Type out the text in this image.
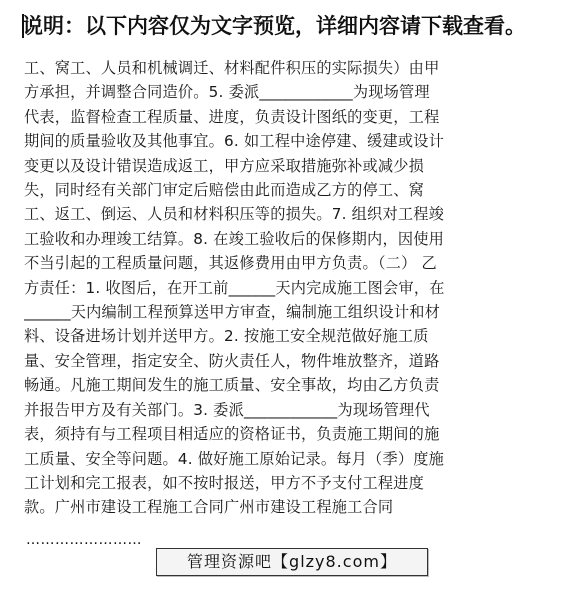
说明：以下内容仅为文字预览，详细内容请下载查看。
工、窝工、人员和机械调迁、材料配件积压的实际损失）由甲
方承担，并调整合同造价。5. 委派____________为现场管理
代表，监督检查工程质量、进度，负责设计图纸的变更，工程
期间的质量验收及其他事宜。6. 如工程中途停建、缓建或设计
变更以及设计错误造成返工，甲方应采取措施弥补或减少损
失，同时经有关部门审定后赔偿由此而造成乙方的停工、窝
工、返工、倒运、人员和材料积压等的损失。7. 组织对工程竣
工验收和办理竣工结算。8. 在竣工验收后的保修期内，因使用
不当引起的工程质量问题，其返修费用由甲方负责。（二） 乙
方责任：1. 收图后，在开工前______天内完成施工图会审，在
______天内编制工程预算送甲方审查，编制施工组织设计和材
料、设备进场计划并送甲方。2. 按施工安全规范做好施工质
量、安全管理，指定安全、防火责任人，物件堆放整齐，道路
畅通。凡施工期间发生的施工质量、安全事故，均由乙方负责
并报告甲方及有关部门。3. 委派____________为现场管理代
表，须持有与工程项目相适应的资格证书，负责施工期间的施
工质量、安全等问题。4. 做好施工原始记录。每月（季）度施
工计划和完工报表，如不按时报送，甲方不予支付工程进度
款。广州市建设工程施工合同广州市建设工程施工合同
……………………
管理资源吧【glzy8.com】
